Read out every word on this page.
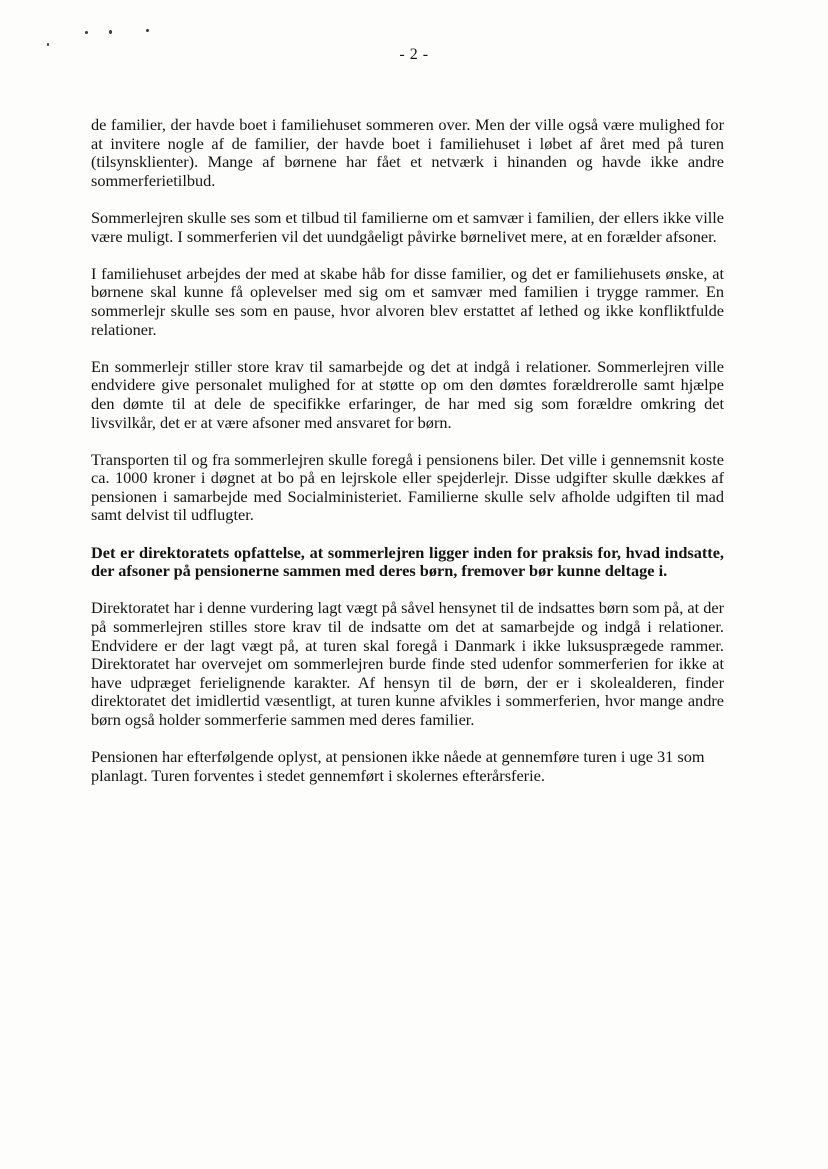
- 2 -

de familier, der havde boet i familiehuset sommeren over. Men der ville også være mulighed for at invitere nogle af de familier, der havde boet i familiehuset i løbet af året med på turen (tilsynsklienter). Mange af børnene har fået et netværk i hinanden og havde ikke andre sommerferietilbud.

Sommerlejren skulle ses som et tilbud til familierne om et samvær i familien, der ellers ikke ville være muligt. I sommerferien vil det uundgåeligt påvirke børnelivet mere, at en forælder afsoner.

I familiehuset arbejdes der med at skabe håb for disse familier, og det er familiehusets ønske, at børnene skal kunne få oplevelser med sig om et samvær med familien i trygge rammer. En sommerlejr skulle ses som en pause, hvor alvoren blev erstattet af lethed og ikke konfliktfulde relationer.

En sommerlejr stiller store krav til samarbejde og det at indgå i relationer. Sommerlejren ville endvidere give personalet mulighed for at støtte op om den dømtes forældrerolle samt hjælpe den dømte til at dele de specifikke erfaringer, de har med sig som forældre omkring det livsvilkår, det er at være afsoner med ansvaret for børn.

Transporten til og fra sommerlejren skulle foregå i pensionens biler. Det ville i gennemsnit koste ca. 1000 kroner i døgnet at bo på en lejrskole eller spejderlejr. Disse udgifter skulle dækkes af pensionen i samarbejde med Socialministeriet. Familierne skulle selv afholde udgiften til mad samt delvist til udflugter.

Det er direktoratets opfattelse, at sommerlejren ligger inden for praksis for, hvad indsatte, der afsoner på pensionerne sammen med deres børn, fremover bør kunne deltage i.

Direktoratet har i denne vurdering lagt vægt på såvel hensynet til de indsattes børn som på, at der på sommerlejren stilles store krav til de indsatte om det at samarbejde og indgå i relationer. Endvidere er der lagt vægt på, at turen skal foregå i Danmark i ikke luksusprægede rammer. Direktoratet har overvejet om sommerlejren burde finde sted udenfor sommerferien for ikke at have udpræget ferielignende karakter. Af hensyn til de børn, der er i skolealderen, finder direktoratet det imidlertid væsentligt, at turen kunne afvikles i sommerferien, hvor mange andre børn også holder sommerferie sammen med deres familier.

Pensionen har efterfølgende oplyst, at pensionen ikke nåede at gennemføre turen i uge 31 som planlagt. Turen forventes i stedet gennemført i skolernes efterårsferie.
